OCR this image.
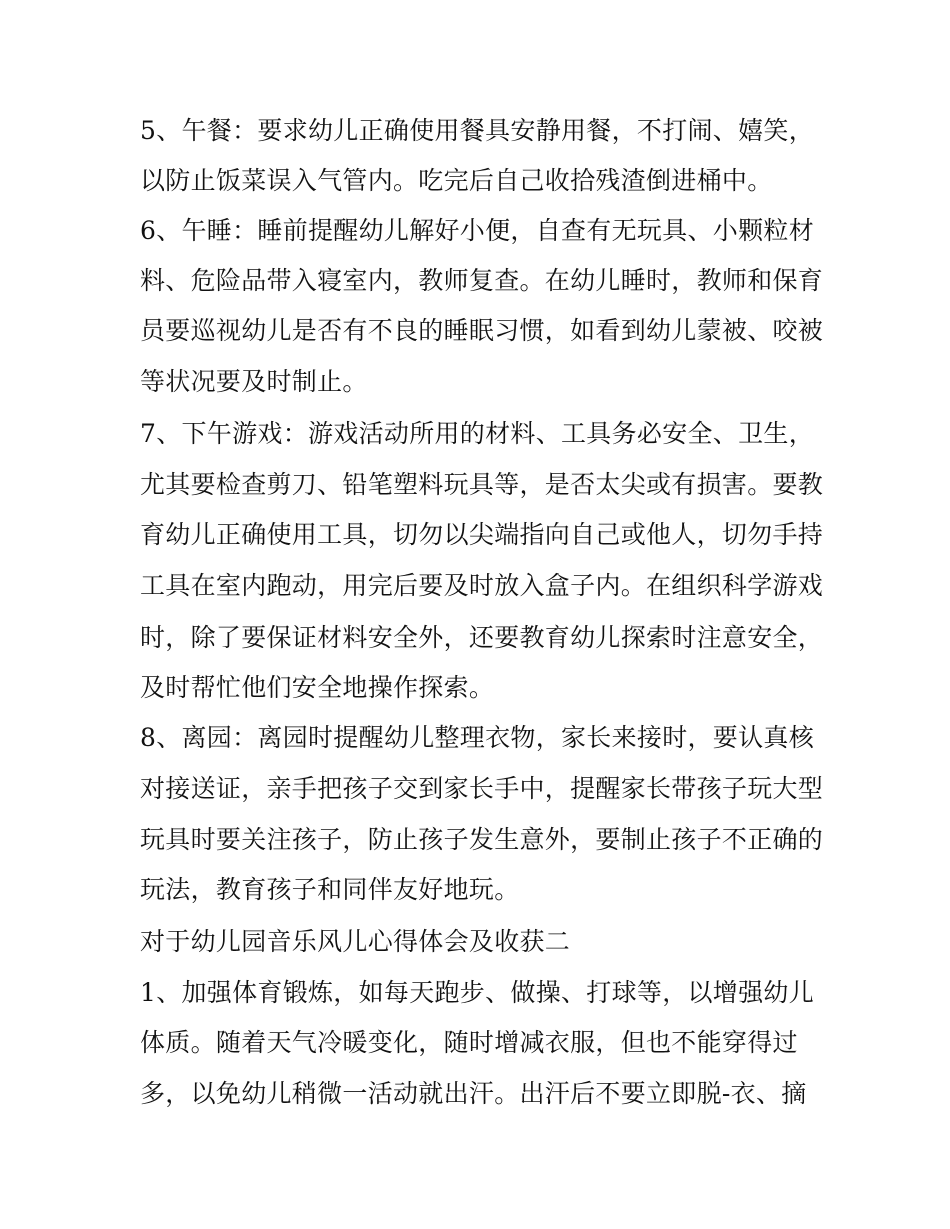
5、午餐：要求幼儿正确使用餐具安静用餐，不打闹、嬉笑，
以防止饭菜误入气管内。吃完后自己收拾残渣倒进桶中。
6、午睡：睡前提醒幼儿解好小便，自查有无玩具、小颗粒材
料、危险品带入寝室内，教师复查。在幼儿睡时，教师和保育
员要巡视幼儿是否有不良的睡眠习惯，如看到幼儿蒙被、咬被
等状况要及时制止。
7、下午游戏：游戏活动所用的材料、工具务必安全、卫生，
尤其要检查剪刀、铅笔塑料玩具等，是否太尖或有损害。要教
育幼儿正确使用工具，切勿以尖端指向自己或他人，切勿手持
工具在室内跑动，用完后要及时放入盒子内。在组织科学游戏
时，除了要保证材料安全外，还要教育幼儿探索时注意安全，
及时帮忙他们安全地操作探索。
8、离园：离园时提醒幼儿整理衣物，家长来接时，要认真核
对接送证，亲手把孩子交到家长手中，提醒家长带孩子玩大型
玩具时要关注孩子，防止孩子发生意外，要制止孩子不正确的
玩法，教育孩子和同伴友好地玩。
对于幼儿园音乐风儿心得体会及收获二
1、加强体育锻炼，如每天跑步、做操、打球等，以增强幼儿
体质。随着天气冷暖变化，随时增减衣服，但也不能穿得过
多，以免幼儿稍微一活动就出汗。出汗后不要立即脱-衣、摘
